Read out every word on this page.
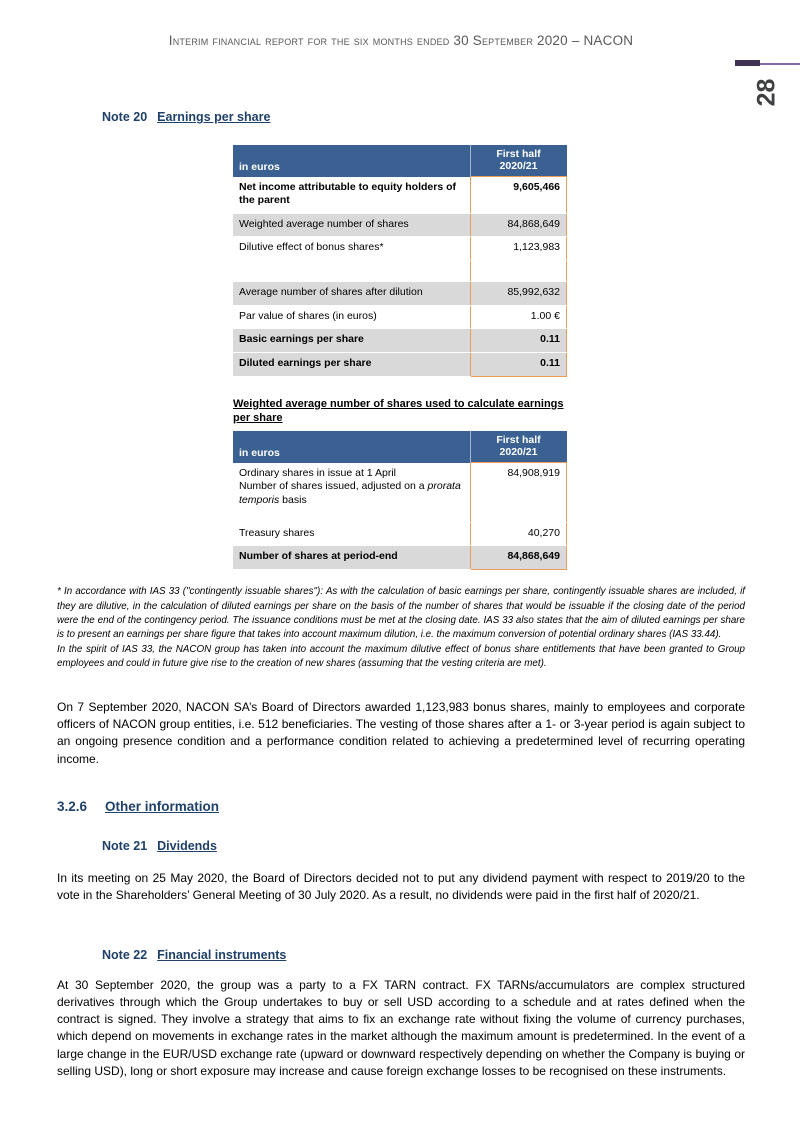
28
Interim financial report for the six months ended 30 September 2020 – NACON
Note 20 Earnings per share
in euros	First half 2020/21
Net income attributable to equity holders of the parent	9,605,466
Weighted average number of shares	84,868,649
Dilutive effect of bonus shares*	1,123,983

Average number of shares after dilution	85,992,632
Par value of shares (in euros)	1.00 €
Basic earnings per share	0.11
Diluted earnings per share	0.11
Weighted average number of shares used to calculate earnings per share
in euros	First half 2020/21
Ordinary shares in issue at 1 April
Number of shares issued, adjusted on a prorata temporis basis	84,908,919
Treasury shares	40,270
Number of shares at period-end	84,868,649
* In accordance with IAS 33 ("contingently issuable shares"): As with the calculation of basic earnings per share, contingently issuable shares are included, if they are dilutive, in the calculation of diluted earnings per share on the basis of the number of shares that would be issuable if the closing date of the period were the end of the contingency period. The issuance conditions must be met at the closing date. IAS 33 also states that the aim of diluted earnings per share is to present an earnings per share figure that takes into account maximum dilution, i.e. the maximum conversion of potential ordinary shares (IAS 33.44).
In the spirit of IAS 33, the NACON group has taken into account the maximum dilutive effect of bonus share entitlements that have been granted to Group employees and could in future give rise to the creation of new shares (assuming that the vesting criteria are met).
On 7 September 2020, NACON SA’s Board of Directors awarded 1,123,983 bonus shares, mainly to employees and corporate officers of NACON group entities, i.e. 512 beneficiaries. The vesting of those shares after a 1- or 3-year period is again subject to an ongoing presence condition and a performance condition related to achieving a predetermined level of recurring operating income.
3.2.6	Other information
Note 21 Dividends
In its meeting on 25 May 2020, the Board of Directors decided not to put any dividend payment with respect to 2019/20 to the vote in the Shareholders’ General Meeting of 30 July 2020. As a result, no dividends were paid in the first half of 2020/21.
Note 22 Financial instruments
At 30 September 2020, the group was a party to a FX TARN contract. FX TARNs/accumulators are complex structured derivatives through which the Group undertakes to buy or sell USD according to a schedule and at rates defined when the contract is signed. They involve a strategy that aims to fix an exchange rate without fixing the volume of currency purchases, which depend on movements in exchange rates in the market although the maximum amount is predetermined. In the event of a large change in the EUR/USD exchange rate (upward or downward respectively depending on whether the Company is buying or selling USD), long or short exposure may increase and cause foreign exchange losses to be recognised on these instruments.
